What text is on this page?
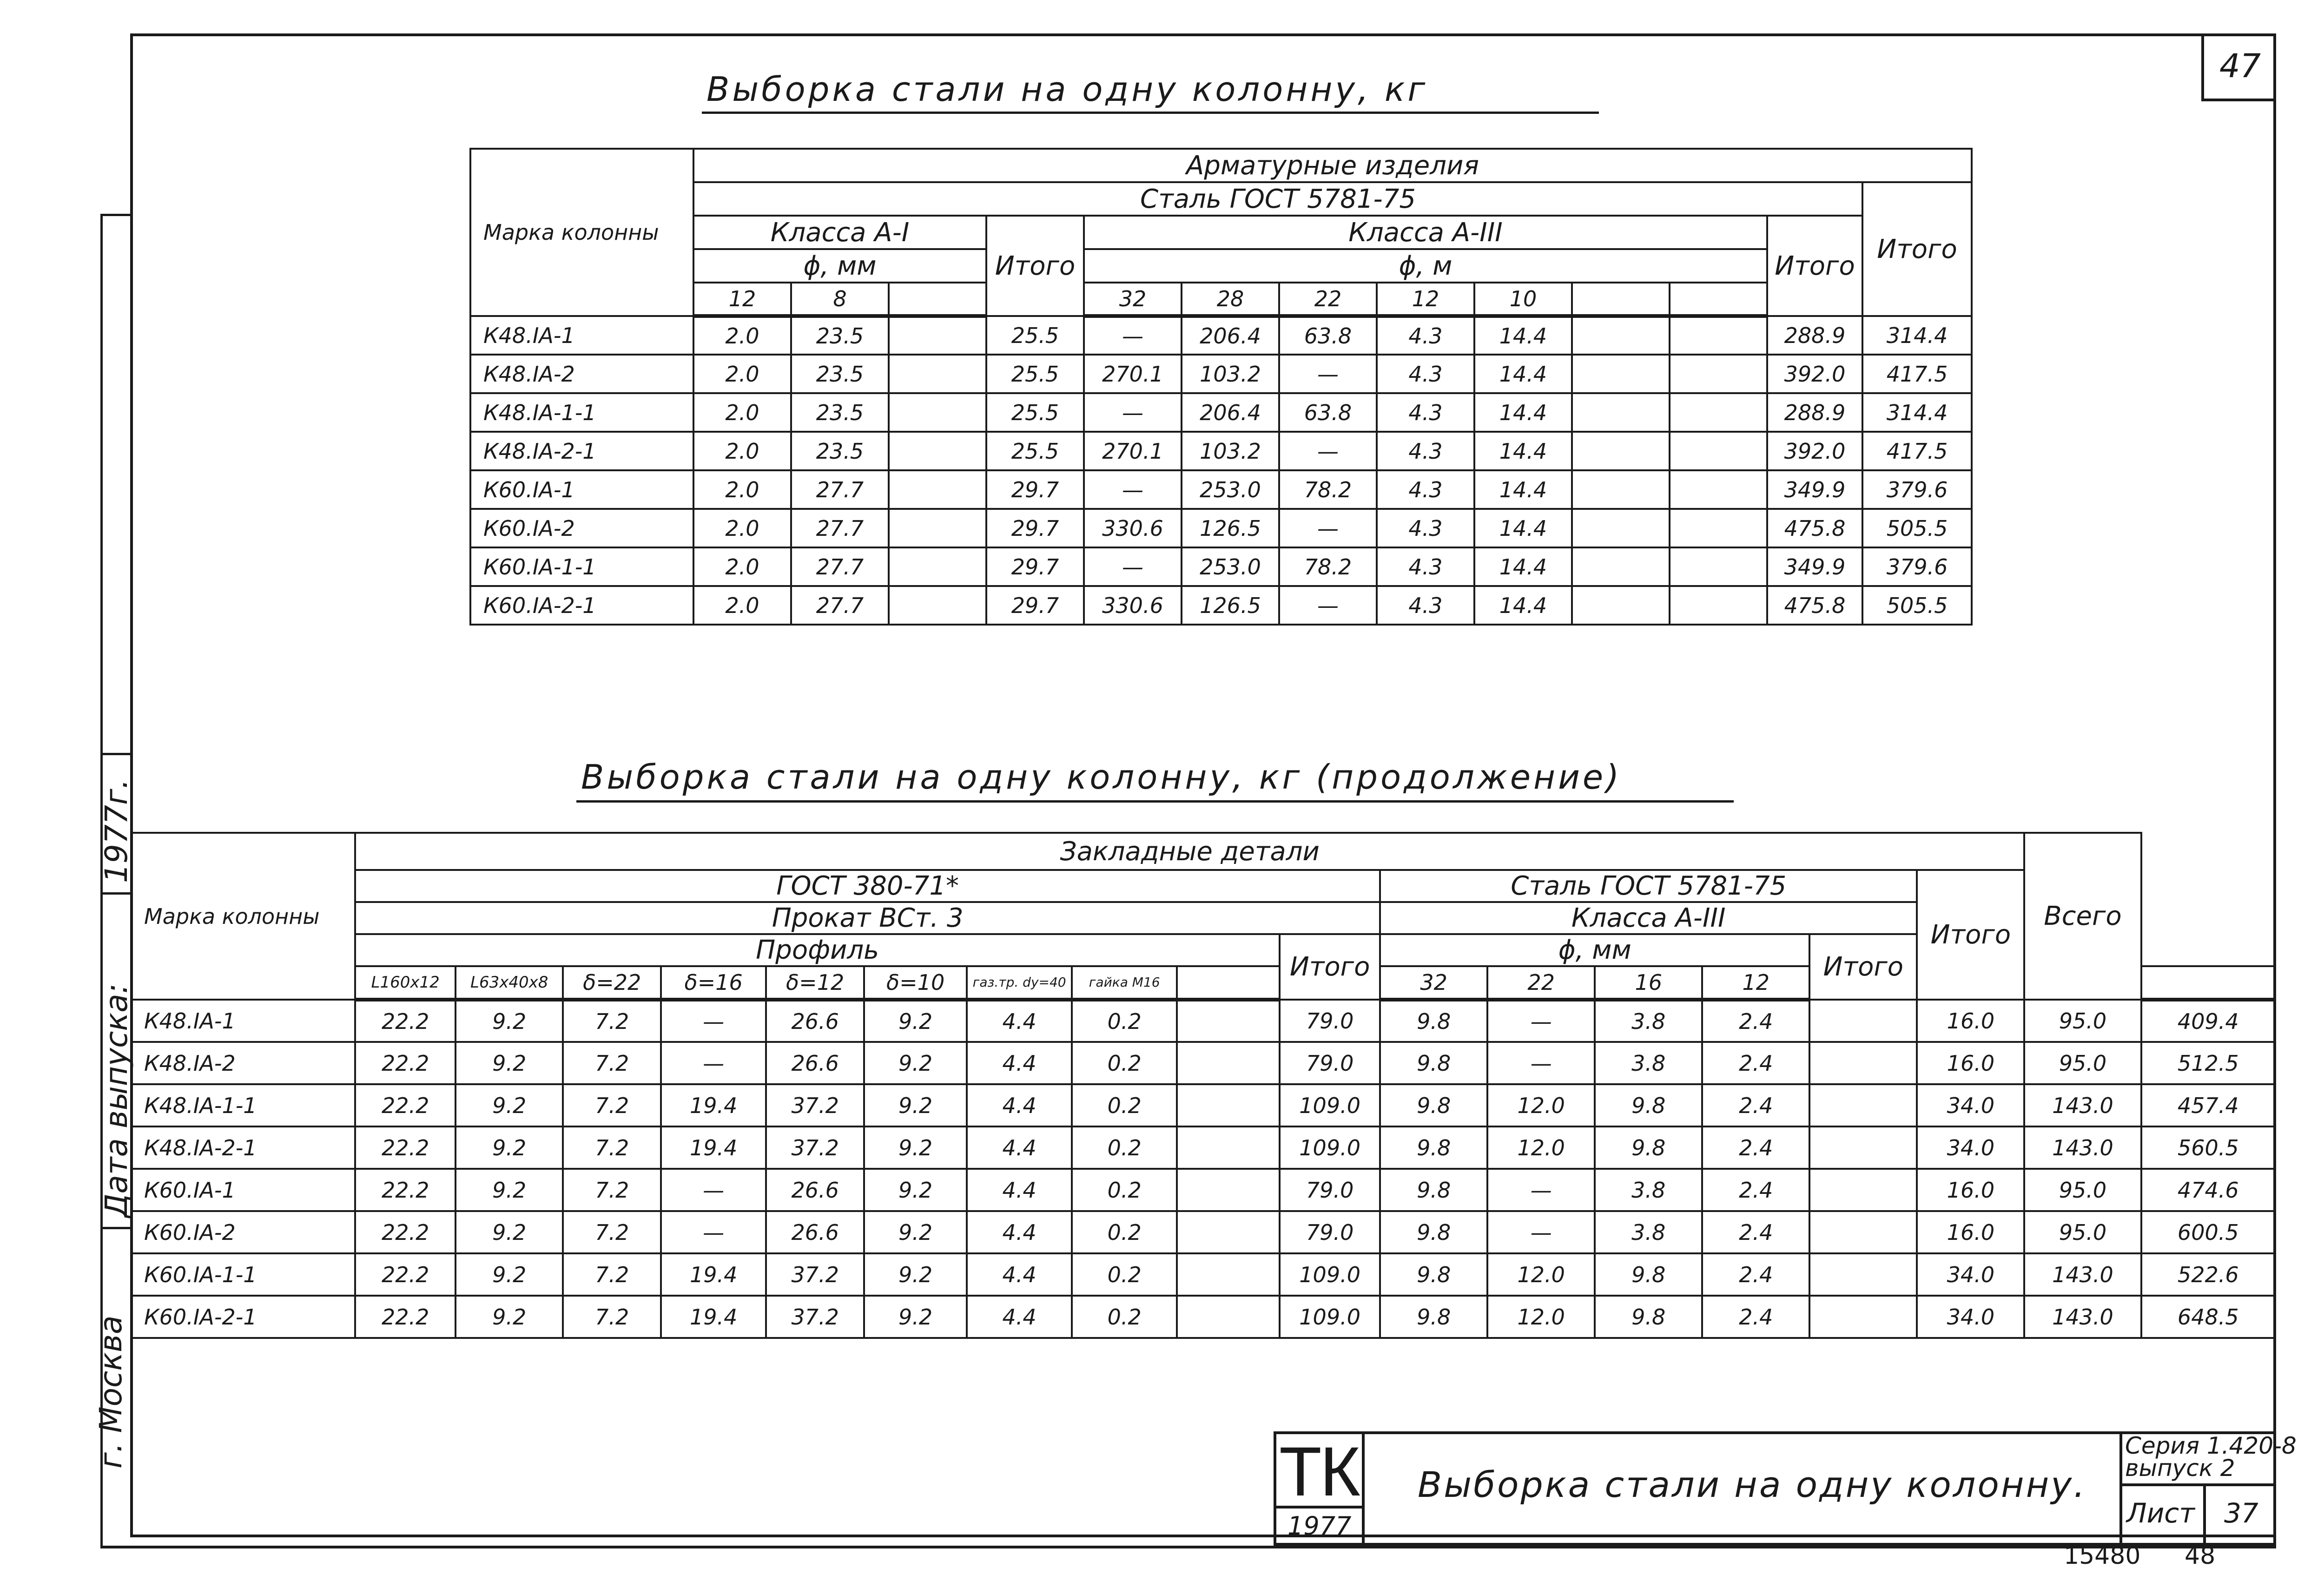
г. Москва
Дата выпуска:
1977г.
47
Выборка стали на одну колонну, кг
Марка колонны	Арматурные изделия												
	Сталь ГОСТ 5781-75												Итого
	Класса А-I			Итого	Класса А-III							Итого	
	ϕ, мм				ϕ, м								
	12	8			32	28	22	12	10				
К48.IА-1	2.0	23.5		25.5	—	206.4	63.8	4.3	14.4			288.9	314.4
К48.IА-2	2.0	23.5		25.5	270.1	103.2	—	4.3	14.4			392.0	417.5
К48.IА-1-1	2.0	23.5		25.5	—	206.4	63.8	4.3	14.4			288.9	314.4
К48.IА-2-1	2.0	23.5		25.5	270.1	103.2	—	4.3	14.4			392.0	417.5
К60.IА-1	2.0	27.7		29.7	—	253.0	78.2	4.3	14.4			349.9	379.6
К60.IА-2	2.0	27.7		29.7	330.6	126.5	—	4.3	14.4			475.8	505.5
К60.IА-1-1	2.0	27.7		29.7	—	253.0	78.2	4.3	14.4			349.9	379.6
К60.IА-2-1	2.0	27.7		29.7	330.6	126.5	—	4.3	14.4			475.8	505.5
Выборка стали на одну колонну, кг (продолжение)
Марка колонны	Закладные детали																Всего	
	ГОСТ 380-71*										Сталь ГОСТ 5781-75					Итого		
	Прокат ВСт. 3										Класса А-III							
	Профиль									Итого	ϕ, мм				Итого			
	L160x12	L63x40x8	δ=22	δ=16	δ=12	δ=10	газ.тр. dу=40	гайка М16			32	22	16	12				
К48.IА-1	22.2	9.2	7.2	—	26.6	9.2	4.4	0.2		79.0	9.8	—	3.8	2.4		16.0	95.0	409.4
К48.IА-2	22.2	9.2	7.2	—	26.6	9.2	4.4	0.2		79.0	9.8	—	3.8	2.4		16.0	95.0	512.5
К48.IА-1-1	22.2	9.2	7.2	19.4	37.2	9.2	4.4	0.2		109.0	9.8	12.0	9.8	2.4		34.0	143.0	457.4
К48.IА-2-1	22.2	9.2	7.2	19.4	37.2	9.2	4.4	0.2		109.0	9.8	12.0	9.8	2.4		34.0	143.0	560.5
К60.IА-1	22.2	9.2	7.2	—	26.6	9.2	4.4	0.2		79.0	9.8	—	3.8	2.4		16.0	95.0	474.6
К60.IА-2	22.2	9.2	7.2	—	26.6	9.2	4.4	0.2		79.0	9.8	—	3.8	2.4		16.0	95.0	600.5
К60.IА-1-1	22.2	9.2	7.2	19.4	37.2	9.2	4.4	0.2		109.0	9.8	12.0	9.8	2.4		34.0	143.0	522.6
К60.IА-2-1	22.2	9.2	7.2	19.4	37.2	9.2	4.4	0.2		109.0	9.8	12.0	9.8	2.4		34.0	143.0	648.5
ТК
1977
Выборка стали на одну колонну.
Серия 1.420-8
выпуск 2
Лист 37
15480 48
